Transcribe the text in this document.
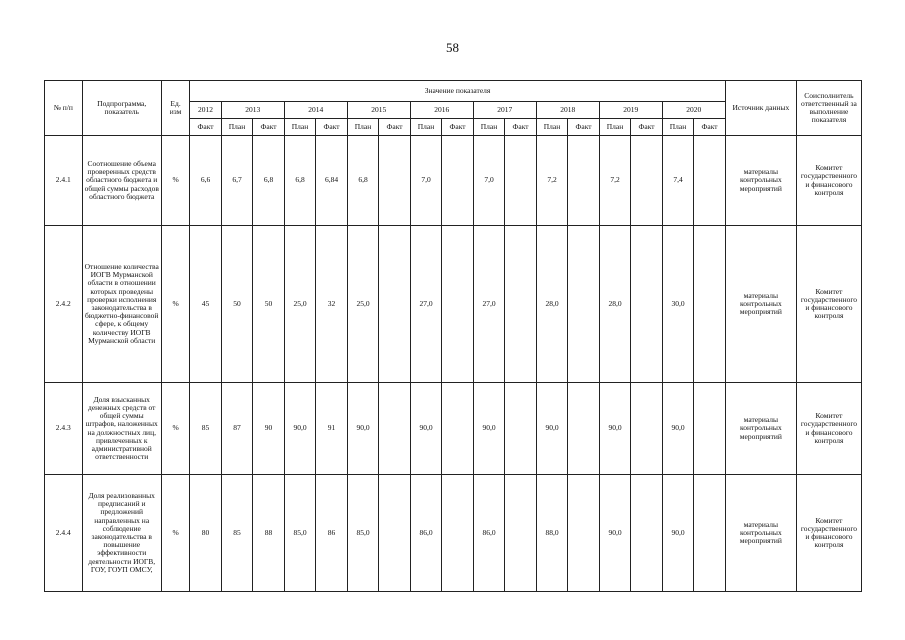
58
№ п/п	Подпрограмма, показатель	Ед. изм	Значение показателя																	Источник данных	Соисполнитель ответственный за выполнение показателя
			2012	2013		2014		2015		2016		2017		2018		2019		2020			
			Факт	План	Факт	План	Факт	План	Факт	План	Факт	План	Факт	План	Факт	План	Факт	План	Факт		
2.4.1	Соотношение объема проверенных средств областного бюджета и общей суммы расходов областного бюджета	%	6,6	6,7	6,8	6,8	6,84	6,8		7,0		7,0		7,2		7,2		7,4		материалы контрольных мероприятий	Комитет государственного и финансового контроля
2.4.2	Отношение количества ИОГВ Мурманской области в отношении которых проведены проверки исполнения законодательства в бюджетно-финансовой сфере, к общему количеству ИОГВ Мурманской области	%	45	50	50	25,0	32	25,0		27,0		27,0		28,0		28,0		30,0		материалы контрольных мероприятий	Комитет государственного и финансового контроля
2.4.3	Доля взысканных денежных средств от общей суммы штрафов, наложенных на должностных лиц, привлеченных к административной ответственности	%	85	87	90	90,0	91	90,0		90,0		90,0		90,0		90,0		90,0		материалы контрольных мероприятий	Комитет государственного и финансового контроля
2.4.4	Доля реализованных предписаний и предложений направленных на соблюдение законодательства в повышение эффективности деятельности ИОГВ, ГОУ, ГОУП ОМСУ,	%	80	85	88	85,0	86	85,0		86,0		86,0		88,0		90,0		90,0		материалы контрольных мероприятий	Комитет государственного и финансового контроля
